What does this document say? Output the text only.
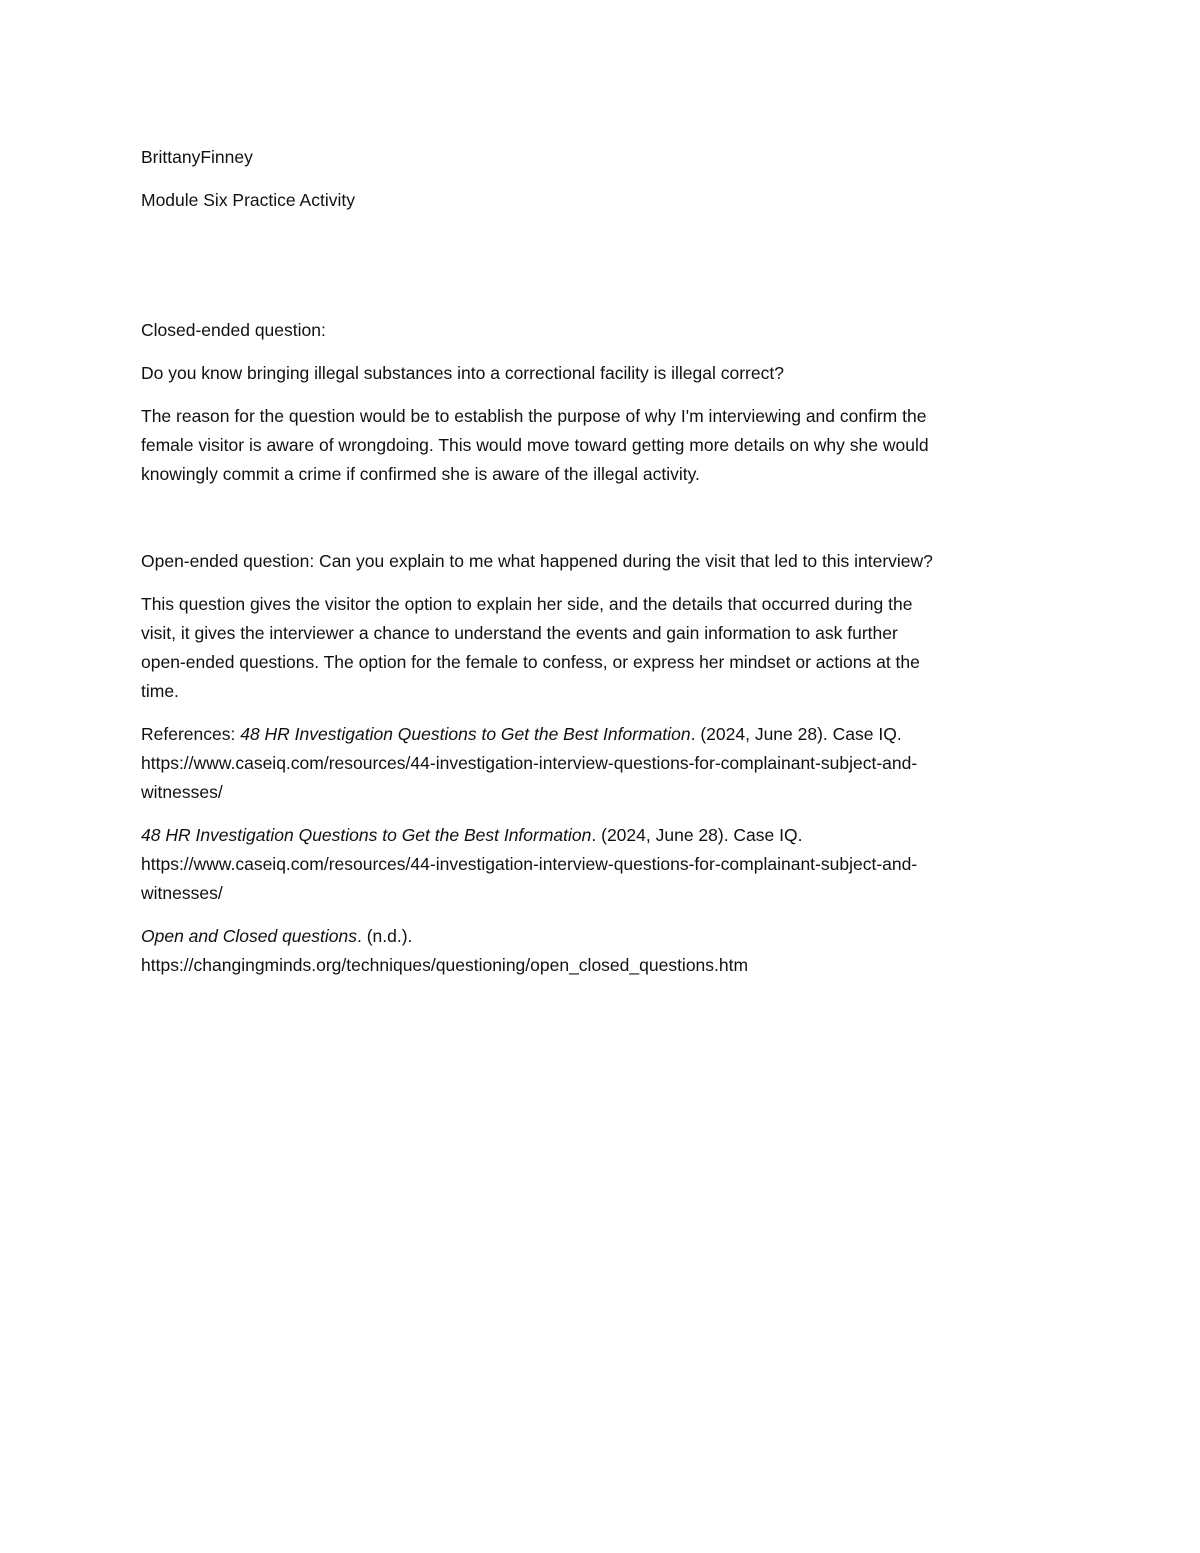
BrittanyFinney

Module Six Practice Activity

Closed-ended question:

Do you know bringing illegal substances into a correctional facility is illegal correct?

The reason for the question would be to establish the purpose of why I'm interviewing and confirm the

female visitor is aware of wrongdoing. This would move toward getting more details on why she would

knowingly commit a crime if confirmed she is aware of the illegal activity.

Open-ended question: Can you explain to me what happened during the visit that led to this interview?

This question gives the visitor the option to explain her side, and the details that occurred during the

visit, it gives the interviewer a chance to understand the events and gain information to ask further

open-ended questions. The option for the female to confess, or express her mindset or actions at the

time.

References: 48 HR Investigation Questions to Get the Best Information. (2024, June 28). Case IQ.

https://www.caseiq.com/resources/44-investigation-interview-questions-for-complainant-subject-and-

witnesses/

48 HR Investigation Questions to Get the Best Information. (2024, June 28). Case IQ.

https://www.caseiq.com/resources/44-investigation-interview-questions-for-complainant-subject-and-

witnesses/

Open and Closed questions. (n.d.).

https://changingminds.org/techniques/questioning/open_closed_questions.htm
